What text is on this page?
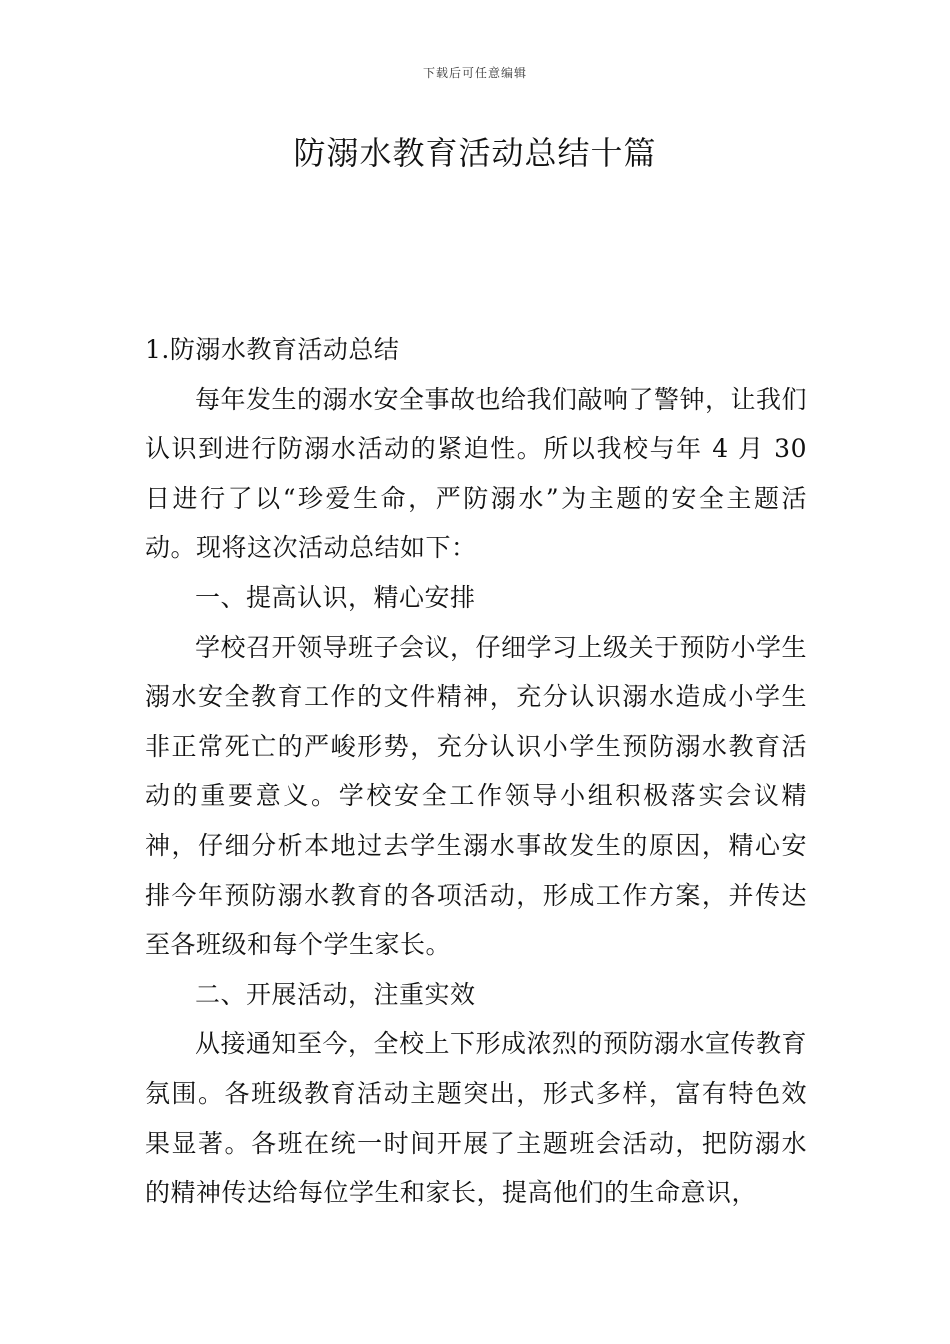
下载后可任意编辑
防溺水教育活动总结十篇

1.防溺水教育活动总结

每年发生的溺水安全事故也给我们敲响了警钟，让我们认识到进行防溺水活动的紧迫性。所以我校与年 4 月 30 日进行了以“珍爱生命，严防溺水”为主题的安全主题活动。现将这次活动总结如下：

一、提高认识，精心安排

学校召开领导班子会议，仔细学习上级关于预防小学生溺水安全教育工作的文件精神，充分认识溺水造成小学生非正常死亡的严峻形势，充分认识小学生预防溺水教育活动的重要意义。学校安全工作领导小组积极落实会议精神，仔细分析本地过去学生溺水事故发生的原因，精心安排今年预防溺水教育的各项活动，形成工作方案，并传达至各班级和每个学生家长。

二、开展活动，注重实效

从接通知至今，全校上下形成浓烈的预防溺水宣传教育氛围。各班级教育活动主题突出，形式多样，富有特色效果显著。各班在统一时间开展了主题班会活动，把防溺水的精神传达给每位学生和家长，提高他们的生命意识，
